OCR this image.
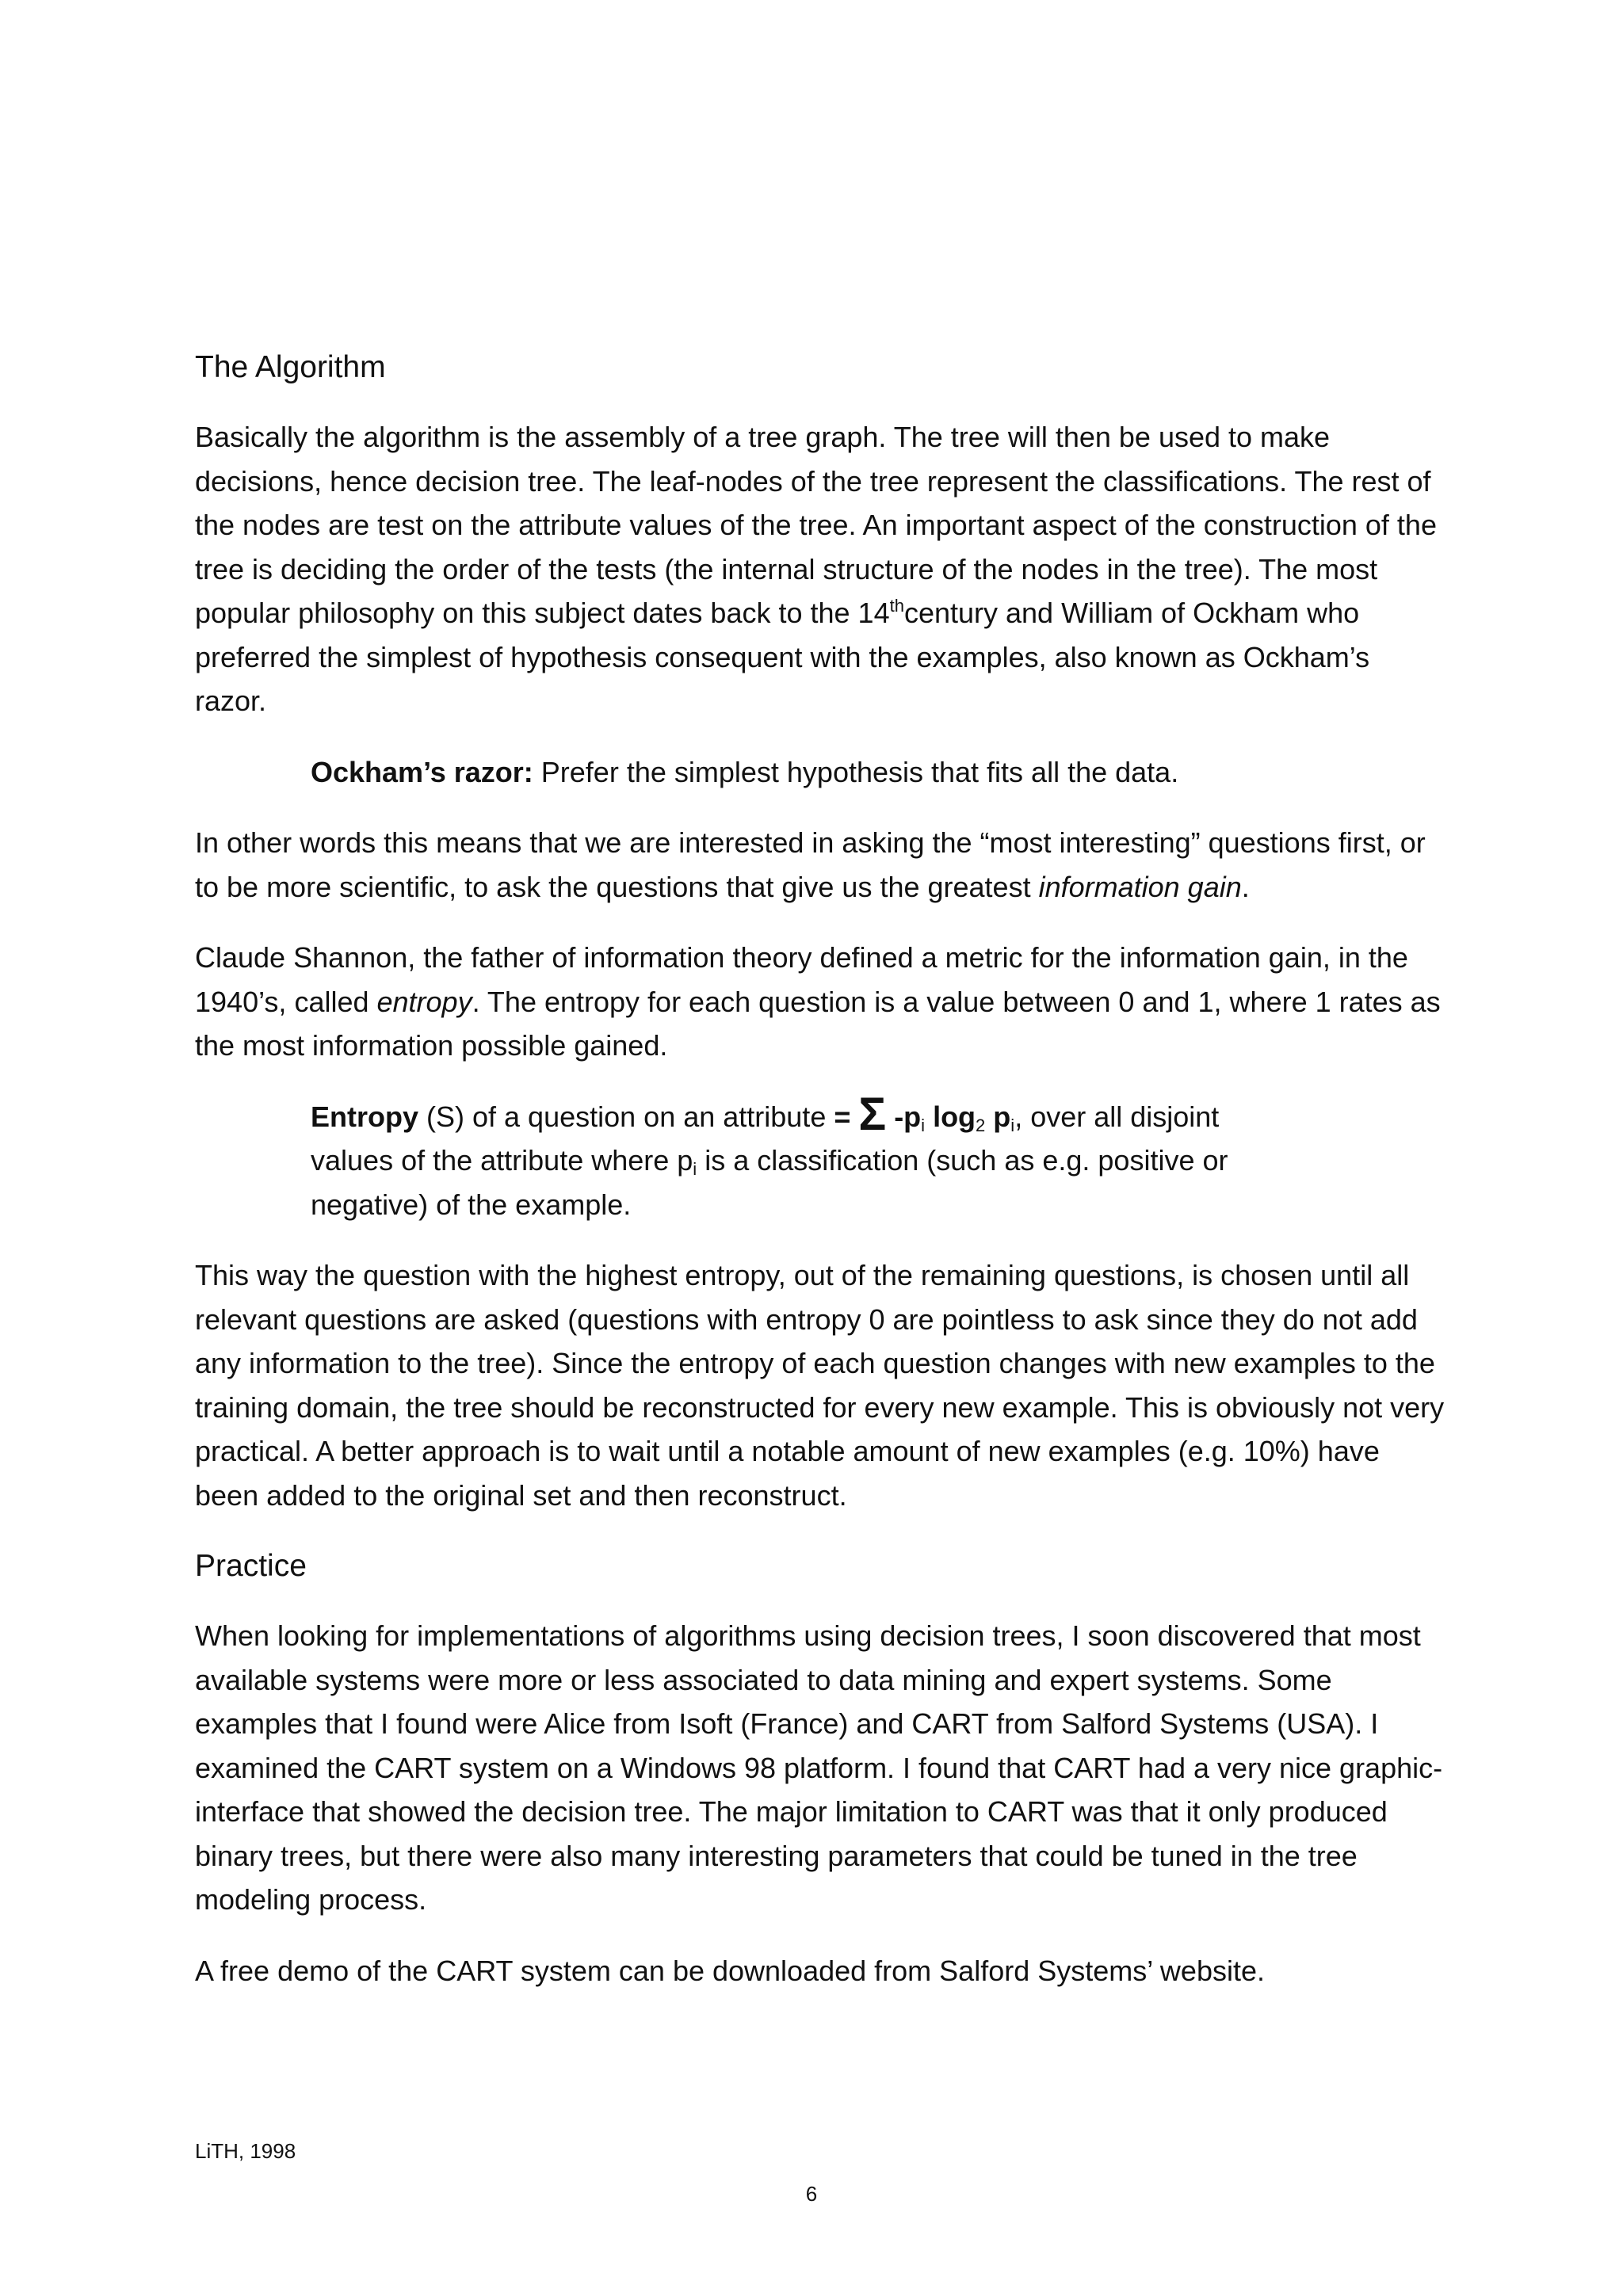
The Algorithm

Basically the algorithm is the assembly of a tree graph. The tree will then be used to make decisions, hence decision tree. The leaf-nodes of the tree represent the classifications. The rest of the nodes are test on the attribute values of the tree. An important aspect of the construction of the tree is deciding the order of the tests (the internal structure of the nodes in the tree). The most popular philosophy on this subject dates back to the 14thcentury and William of Ockham who preferred the simplest of hypothesis consequent with the examples, also known as Ockham’s razor.

Ockham’s razor: Prefer the simplest hypothesis that fits all the data.

In other words this means that we are interested in asking the “most interesting” questions first, or to be more scientific, to ask the questions that give us the greatest information gain.

Claude Shannon, the father of information theory defined a metric for the information gain, in the 1940’s, called entropy. The entropy for each question is a value between 0 and 1, where 1 rates as the most information possible gained.

Entropy (S) of a question on an attribute = Σ $-p_i$ $\log_2 p_i$, over all disjoint values of the attribute where $p_i$ is a classification (such as e.g. positive or negative) of the example.

This way the question with the highest entropy, out of the remaining questions, is chosen until all relevant questions are asked (questions with entropy 0 are pointless to ask since they do not add any information to the tree). Since the entropy of each question changes with new examples to the training domain, the tree should be reconstructed for every new example. This is obviously not very practical. A better approach is to wait until a notable amount of new examples (e.g. 10%) have been added to the original set and then reconstruct.

Practice

When looking for implementations of algorithms using decision trees, I soon discovered that most available systems were more or less associated to data mining and expert systems. Some examples that I found were Alice from Isoft (France) and CART from Salford Systems (USA). I examined the CART system on a Windows 98 platform. I found that CART had a very nice graphic-interface that showed the decision tree. The major limitation to CART was that it only produced binary trees, but there were also many interesting parameters that could be tuned in the tree modeling process.

A free demo of the CART system can be downloaded from Salford Systems’ website.

LiTH, 1998
6
